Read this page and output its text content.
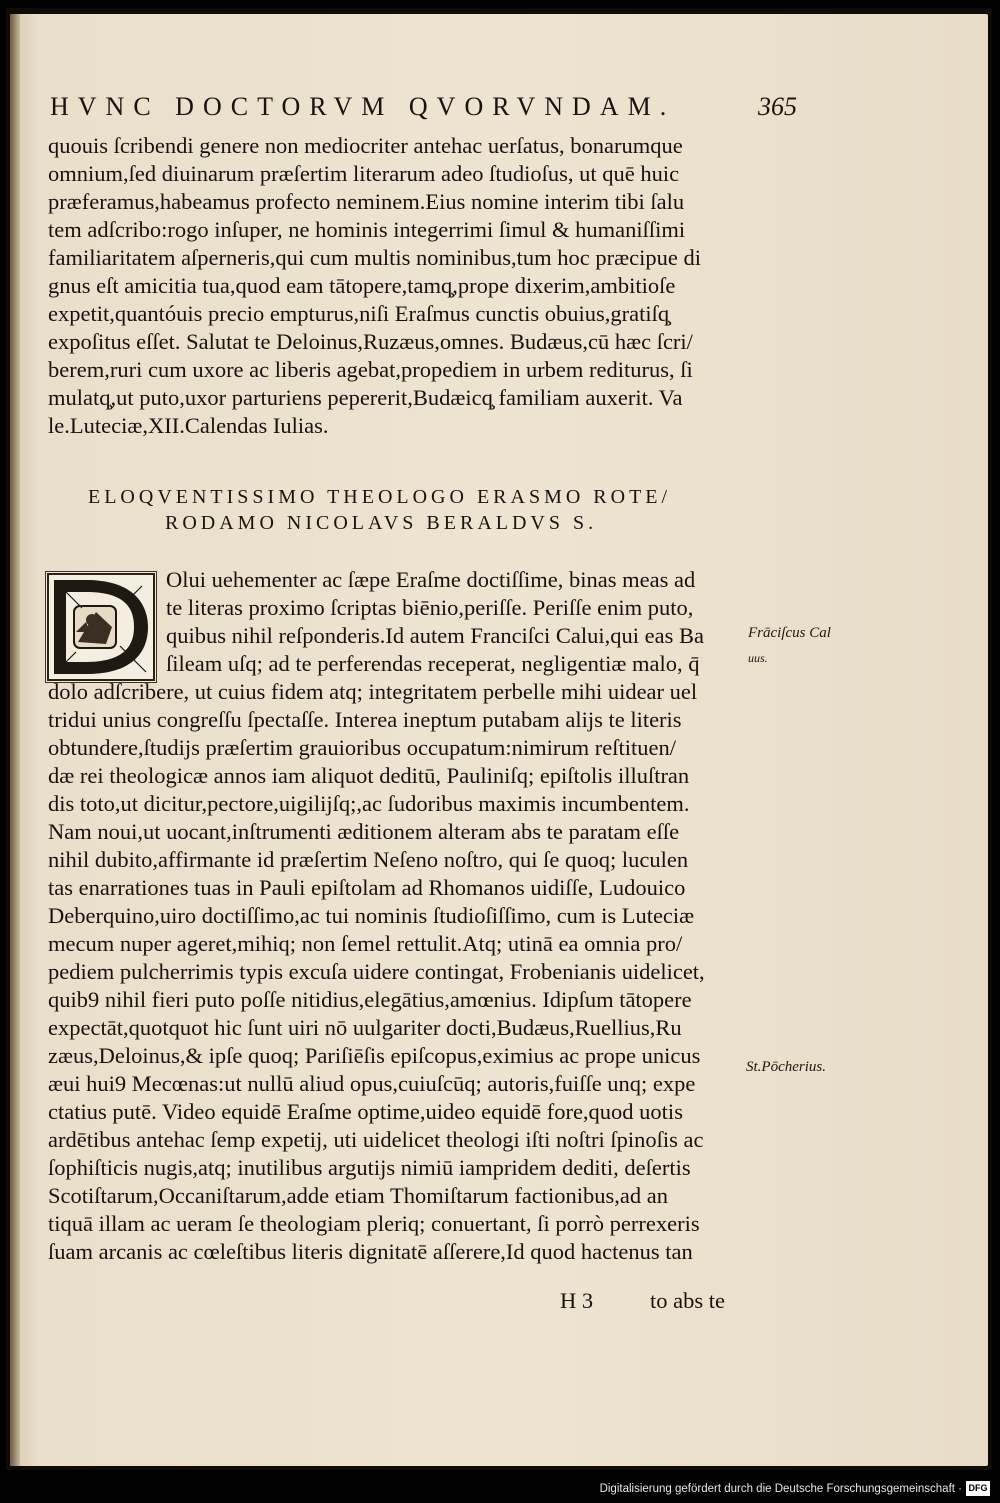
HVNC DOCTORVM QVORVNDAM.	365
quouis ſcribendi genere non mediocriter antehac uerſatus, bonarumque
omnium,ſed diuinarum præſertim literarum adeo ſtudioſus, ut quē huic
præferamus,habeamus profecto neminem.Eius nomine interim tibi ſalu
tem adſcribo:rogo inſuper, ne hominis integerrimi ſimul & humaniſſimi
familiaritatem aſperneris,qui cum multis nominibus,tum hoc præcipue di
gnus eſt amicitia tua,quod eam tātopere,tamq̧,prope dixerim,ambitioſe
expetit,quantóuis precio empturus,niſi Eraſmus cunctis obuius,gratiſq̧
expoſitus eſſet. Salutat te Deloinus,Ruzæus,omnes. Budæus,cū hæc ſcri/
berem,ruri cum uxore ac liberis agebat,propediem in urbem rediturus, ſi
mulatq̧,ut puto,uxor parturiens pepererit,Budæicq̧ familiam auxerit. Va
le.Luteciæ,XII.Calendas Iulias.
ELOQVENTISSIMO THEOLOGO ERASMO ROTE/
RODAMO NICOLAVS BERALDVS S.
Olui uehementer ac ſæpe Eraſme doctiſſime, binas meas ad
te literas proximo ſcriptas biēnio,periſſe. Periſſe enim puto,
quibus nihil reſponderis.Id autem Franciſci Calui,qui eas Ba
ſileam uſq; ad te perferendas receperat, negligentiæ malo, q̄
dolo adſcribere, ut cuius fidem atq; integritatem perbelle mihi uidear uel
tridui unius congreſſu ſpectaſſe. Interea ineptum putabam alijs te literis
obtundere,ſtudijs præſertim grauioribus occupatum:nimirum reſtituen/
dæ rei theologicæ annos iam aliquot deditū, Pauliniſq; epiſtolis illuſtran
dis toto,ut dicitur,pectore,uigilijſq;,ac ſudoribus maximis incumbentem.
Nam noui,ut uocant,inſtrumenti æditionem alteram abs te paratam eſſe
nihil dubito,affirmante id præſertim Neſeno noſtro, qui ſe quoq; luculen
tas enarrationes tuas in Pauli epiſtolam ad Rhomanos uidiſſe, Ludouico
Deberquino,uiro doctiſſimo,ac tui nominis ſtudioſiſſimo, cum is Luteciæ
mecum nuper ageret,mihiq; non ſemel rettulit.Atq; utinā ea omnia pro/
pediem pulcherrimis typis excuſa uidere contingat, Frobenianis uidelicet,
quib9 nihil fieri puto poſſe nitidius,elegātius,amœnius. Idipſum tātopere
expectāt,quotquot hic ſunt uiri nō uulgariter docti,Budæus,Ruellius,Ru
zæus,Deloinus,& ipſe quoq; Pariſiēſis epiſcopus,eximius ac prope unicus
æui hui9 Mecœnas:ut nullū aliud opus,cuiuſcūq; autoris,fuiſſe unq; expe
ctatius putē. Video equidē Eraſme optime,uideo equidē fore,quod uotis
ardētibus antehac ſemp expetij, uti uidelicet theologi iſti noſtri ſpinoſis ac
ſophiſticis nugis,atq; inutilibus argutijs nimiū iampridem dediti, deſertis
Scotiſtarum,Occaniſtarum,adde etiam Thomiſtarum factionibus,ad an
tiquā illam ac ueram ſe theologiam pleriq; conuertant, ſi porrò perrexeris
ſuam arcanis ac cœleſtibus literis dignitatē aſſerere,Id quod hactenus tan
Frāciſcus Cal
uus.
St.Pōcherius.
H 3	to abs te
Digitalisierung gefördert durch die Deutsche Forschungsgemeinschaft · DFG
